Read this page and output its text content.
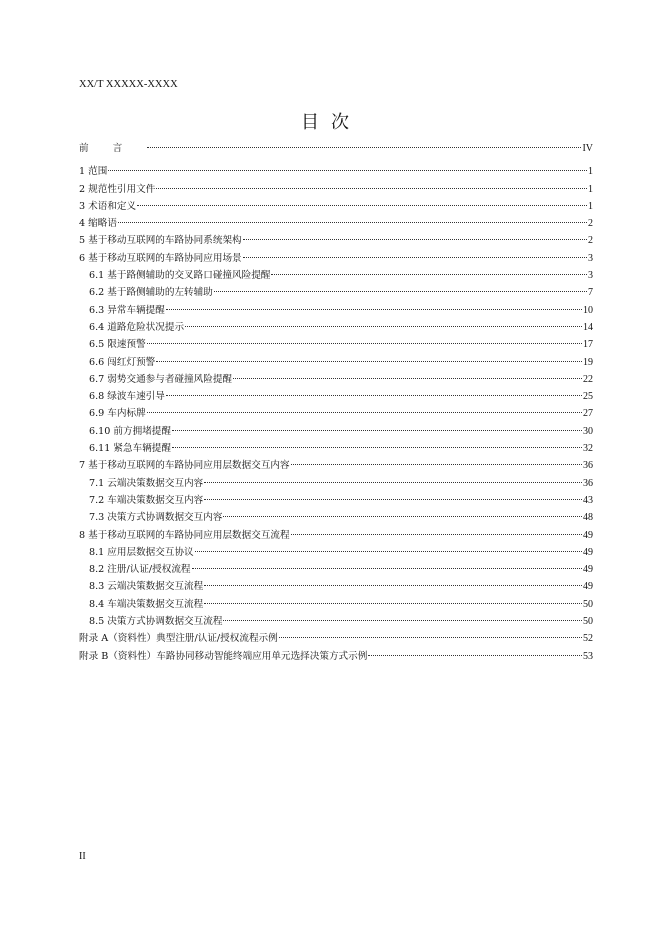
XX/T XXXXX-XXXX
目次
前言	IV
1 范围	1
2 规范性引用文件	1
3 术语和定义	1
4 缩略语	2
5 基于移动互联网的车路协同系统架构	2
6 基于移动互联网的车路协同应用场景	3
6.1 基于路侧辅助的交叉路口碰撞风险提醒	3
6.2 基于路侧辅助的左转辅助	7
6.3 异常车辆提醒	10
6.4 道路危险状况提示	14
6.5 限速预警	17
6.6 闯红灯预警	19
6.7 弱势交通参与者碰撞风险提醒	22
6.8 绿波车速引导	25
6.9 车内标牌	27
6.10 前方拥堵提醒	30
6.11 紧急车辆提醒	32
7 基于移动互联网的车路协同应用层数据交互内容	36
7.1 云端决策数据交互内容	36
7.2 车端决策数据交互内容	43
7.3 决策方式协调数据交互内容	48
8 基于移动互联网的车路协同应用层数据交互流程	49
8.1 应用层数据交互协议	49
8.2 注册/认证/授权流程	49
8.3 云端决策数据交互流程	49
8.4 车端决策数据交互流程	50
8.5 决策方式协调数据交互流程	50
附录 A（资料性）典型注册/认证/授权流程示例	52
附录 B（资料性）车路协同移动智能终端应用单元选择决策方式示例	53
II
